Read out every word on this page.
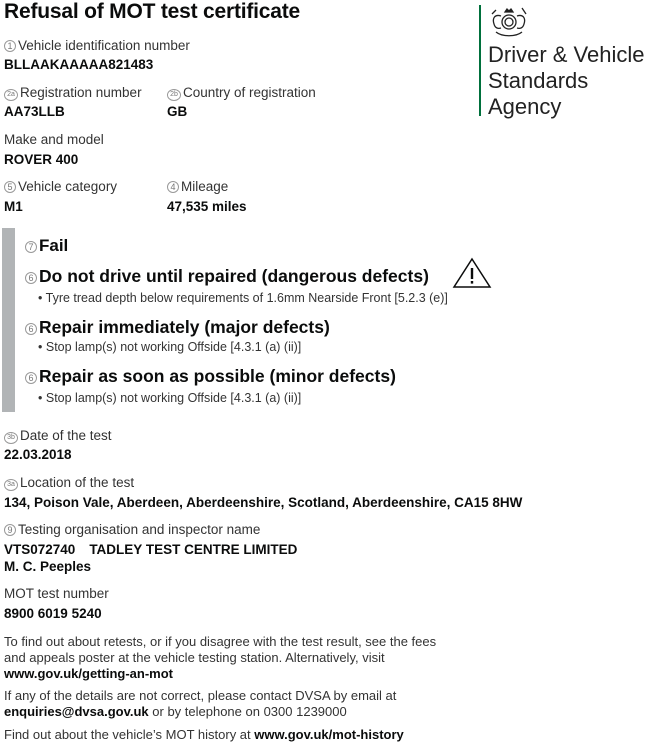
Refusal of MOT test certificate
Driver & Vehicle
Standards
Agency
1 Vehicle identification number
BLLAAKAAAAA821483
2a Registration number
AA73LLB
2b Country of registration
GB
Make and model
ROVER 400
5 Vehicle category
M1
4 Mileage
47,535 miles
7 Fail
6 Do not drive until repaired (dangerous defects)
• Tyre tread depth below requirements of 1.6mm Nearside Front [5.2.3 (e)]
6 Repair immediately (major defects)
• Stop lamp(s) not working Offside [4.3.1 (a) (ii)]
6 Repair as soon as possible (minor defects)
• Stop lamp(s) not working Offside [4.3.1 (a) (ii)]
3b Date of the test
22.03.2018
3a Location of the test
134, Poison Vale, Aberdeen, Aberdeenshire, Scotland, Aberdeenshire, CA15 8HW
9 Testing organisation and inspector name
VTS072740 TADLEY TEST CENTRE LIMITED
M. C. Peeples
MOT test number
8900 6019 5240
To find out about retests, or if you disagree with the test result, see the fees
and appeals poster at the vehicle testing station. Alternatively, visit
www.gov.uk/getting-an-mot
If any of the details are not correct, please contact DVSA by email at
enquiries@dvsa.gov.uk or by telephone on 0300 1239000
Find out about the vehicle’s MOT history at www.gov.uk/mot-history
